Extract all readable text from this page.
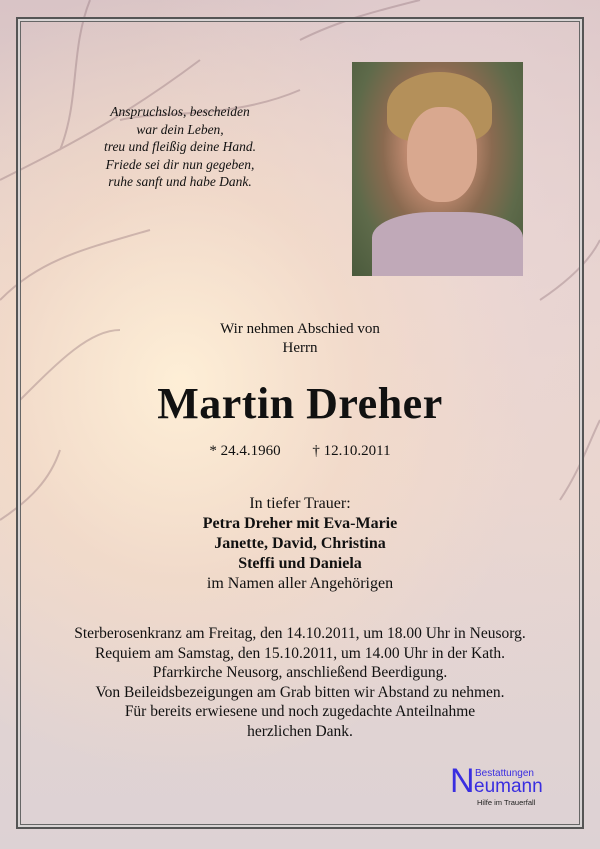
Anspruchslos, bescheiden
war dein Leben,
treu und fleißig deine Hand.
Friede sei dir nun gegeben,
ruhe sanft und habe Dank.
Wir nehmen Abschied von
Herrn
Martin Dreher
* 24.4.1960 † 12.10.2011
In tiefer Trauer:
Petra Dreher mit Eva-Marie
Janette, David, Christina
Steffi und Daniela
im Namen aller Angehörigen
Sterberosenkranz am Freitag, den 14.10.2011, um 18.00 Uhr in Neusorg.
Requiem am Samstag, den 15.10.2011, um 14.00 Uhr in der Kath.
Pfarrkirche Neusorg, anschließend Beerdigung.
Von Beileidsbezeigungen am Grab bitten wir Abstand zu nehmen.
Für bereits erwiesene und noch zugedachte Anteilnahme
herzlichen Dank.
N Bestattungen
eumann
Hilfe im Trauerfall
